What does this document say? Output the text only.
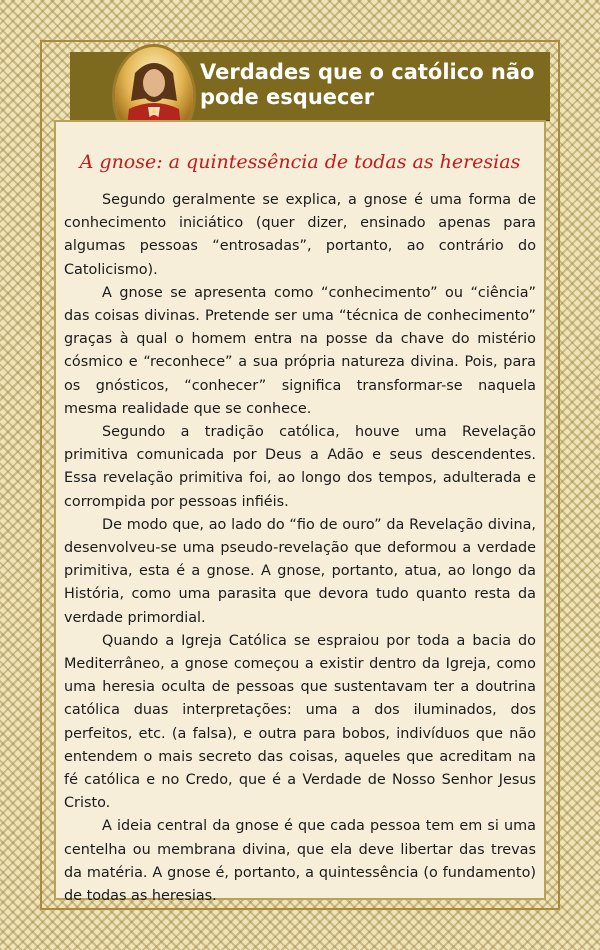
Verdades que o católico não pode esquecer
A gnose: a quintessência de todas as heresias

Segundo geralmente se explica, a gnose é uma forma de conhecimento iniciático (quer dizer, ensinado apenas para algumas pessoas “entrosadas”, portanto, ao contrário do Catolicismo).

A gnose se apresenta como “conhecimento” ou “ciência” das coisas divinas. Pretende ser uma “técnica de conhecimento” graças à qual o homem entra na posse da chave do mistério cósmico e “reconhece” a sua própria natureza divina. Pois, para os gnósticos, “conhecer” significa transformar-se naquela mesma realidade que se conhece.

Segundo a tradição católica, houve uma Revelação primitiva comunicada por Deus a Adão e seus descendentes. Essa revelação primitiva foi, ao longo dos tempos, adulterada e corrompida por pessoas infiéis.

De modo que, ao lado do “fio de ouro” da Revelação divina, desenvolveu-se uma pseudo-revelação que deformou a verdade primitiva, esta é a gnose. A gnose, portanto, atua, ao longo da História, como uma parasita que devora tudo quanto resta da verdade primordial.

Quando a Igreja Católica se espraiou por toda a bacia do Mediterrâneo, a gnose começou a existir dentro da Igreja, como uma heresia oculta de pessoas que sustentavam ter a doutrina católica duas interpretações: uma a dos iluminados, dos perfeitos, etc. (a falsa), e outra para bobos, indivíduos que não entendem o mais secreto das coisas, aqueles que acreditam na fé católica e no Credo, que é a Verdade de Nosso Senhor Jesus Cristo.

A ideia central da gnose é que cada pessoa tem em si uma centelha ou membrana divina, que ela deve libertar das trevas da matéria. A gnose é, portanto, a quintessência (o fundamento) de todas as heresias.
